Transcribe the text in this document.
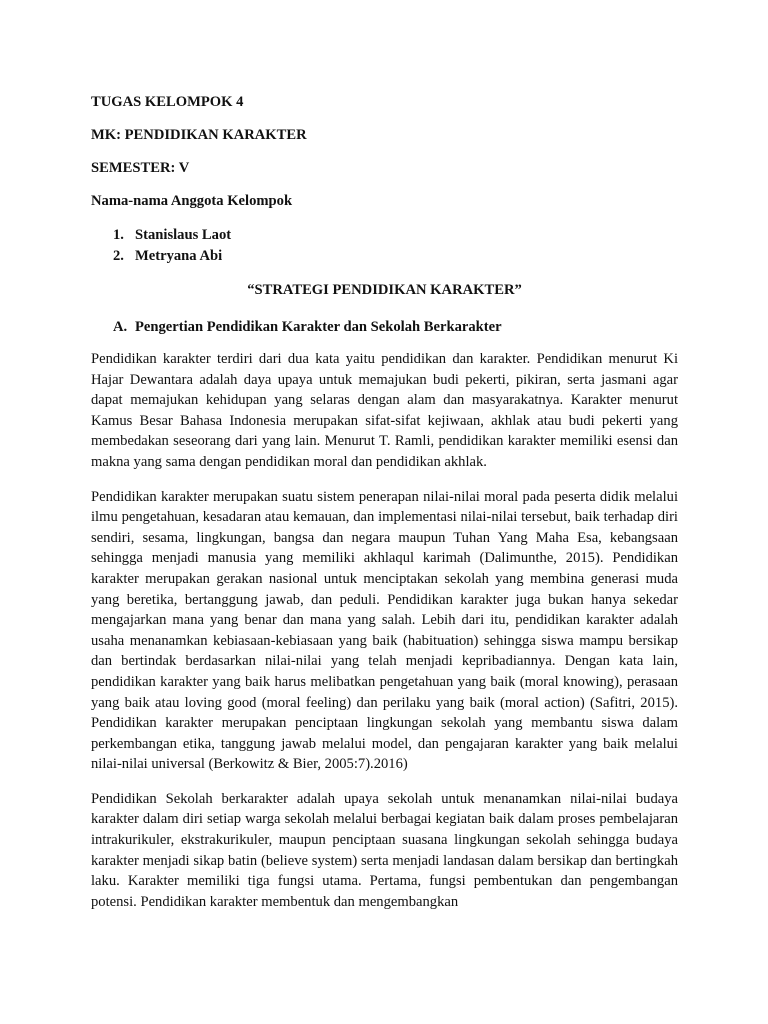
TUGAS KELOMPOK 4

MK: PENDIDIKAN KARAKTER

SEMESTER: V

Nama-nama Anggota Kelompok

1. Stanislaus Laot
2. Metryana Abi

“STRATEGI PENDIDIKAN KARAKTER”

A. Pengertian Pendidikan Karakter dan Sekolah Berkarakter

Pendidikan karakter terdiri dari dua kata yaitu pendidikan dan karakter. Pendidikan menurut Ki Hajar Dewantara adalah daya upaya untuk memajukan budi pekerti, pikiran, serta jasmani agar dapat memajukan kehidupan yang selaras dengan alam dan masyarakatnya. Karakter menurut Kamus Besar Bahasa Indonesia merupakan sifat-sifat kejiwaan, akhlak atau budi pekerti yang membedakan seseorang dari yang lain. Menurut T. Ramli, pendidikan karakter memiliki esensi dan makna yang sama dengan pendidikan moral dan pendidikan akhlak.

Pendidikan karakter merupakan suatu sistem penerapan nilai-nilai moral pada peserta didik melalui ilmu pengetahuan, kesadaran atau kemauan, dan implementasi nilai-nilai tersebut, baik terhadap diri sendiri, sesama, lingkungan, bangsa dan negara maupun Tuhan Yang Maha Esa, kebangsaan sehingga menjadi manusia yang memiliki akhlaqul karimah (Dalimunthe, 2015). Pendidikan karakter merupakan gerakan nasional untuk menciptakan sekolah yang membina generasi muda yang beretika, bertanggung jawab, dan peduli. Pendidikan karakter juga bukan hanya sekedar mengajarkan mana yang benar dan mana yang salah. Lebih dari itu, pendidikan karakter adalah usaha menanamkan kebiasaan-kebiasaan yang baik (habituation) sehingga siswa mampu bersikap dan bertindak berdasarkan nilai-nilai yang telah menjadi kepribadiannya. Dengan kata lain, pendidikan karakter yang baik harus melibatkan pengetahuan yang baik (moral knowing), perasaan yang baik atau loving good (moral feeling) dan perilaku yang baik (moral action) (Safitri, 2015). Pendidikan karakter merupakan penciptaan lingkungan sekolah yang membantu siswa dalam perkembangan etika, tanggung jawab melalui model, dan pengajaran karakter yang baik melalui nilai-nilai universal (Berkowitz & Bier, 2005:7).2016)

Pendidikan Sekolah berkarakter adalah upaya sekolah untuk menanamkan nilai-nilai budaya karakter dalam diri setiap warga sekolah melalui berbagai kegiatan baik dalam proses pembelajaran intrakurikuler, ekstrakurikuler, maupun penciptaan suasana lingkungan sekolah sehingga budaya karakter menjadi sikap batin (believe system) serta menjadi landasan dalam bersikap dan bertingkah laku. Karakter memiliki tiga fungsi utama. Pertama, fungsi pembentukan dan pengembangan potensi. Pendidikan karakter membentuk dan mengembangkan
